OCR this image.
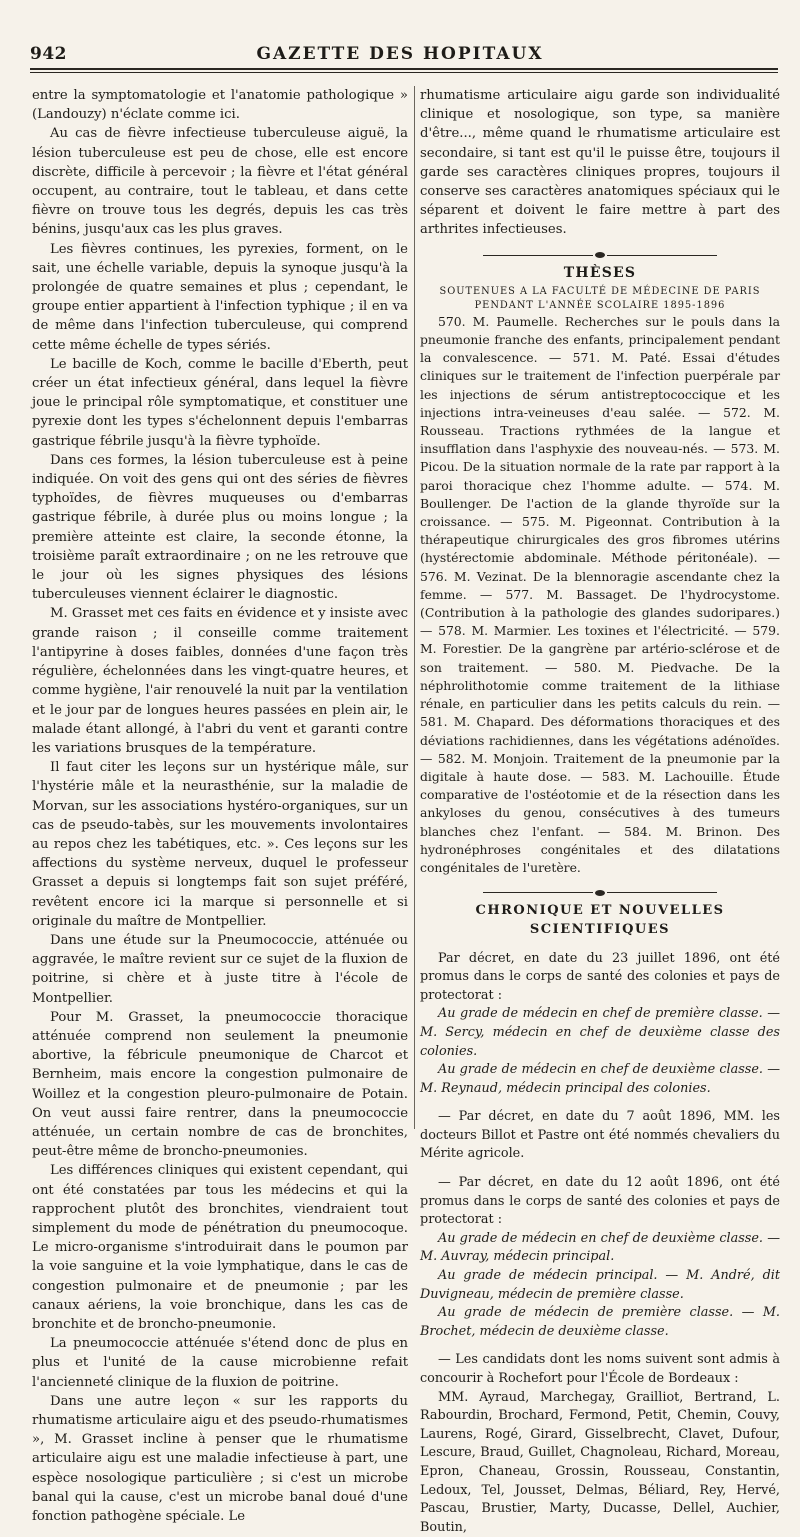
942	GAZETTE DES HOPITAUX

entre la symptomatologie et l'anatomie pathologique » (Landouzy) n'éclate comme ici.

Au cas de fièvre infectieuse tuberculeuse aiguë, la lésion tuberculeuse est peu de chose, elle est encore discrète, difficile à percevoir ; la fièvre et l'état général occupent, au contraire, tout le tableau, et dans cette fièvre on trouve tous les degrés, depuis les cas très bénins, jusqu'aux cas les plus graves.

Les fièvres continues, les pyrexies, forment, on le sait, une échelle variable, depuis la synoque jusqu'à la prolongée de quatre semaines et plus ; cependant, le groupe entier appartient à l'infection typhique ; il en va de même dans l'infection tuberculeuse, qui comprend cette même échelle de types sériés.

Le bacille de Koch, comme le bacille d'Eberth, peut créer un état infectieux général, dans lequel la fièvre joue le principal rôle symptomatique, et constituer une pyrexie dont les types s'échelonnent depuis l'embarras gastrique fébrile jusqu'à la fièvre typhoïde.

Dans ces formes, la lésion tuberculeuse est à peine indiquée. On voit des gens qui ont des séries de fièvres typhoïdes, de fièvres muqueuses ou d'embarras gastrique fébrile, à durée plus ou moins longue ; la première atteinte est claire, la seconde étonne, la troisième paraît extraordinaire ; on ne les retrouve que le jour où les signes physiques des lésions tuberculeuses viennent éclairer le diagnostic.

M. Grasset met ces faits en évidence et y insiste avec grande raison ; il conseille comme traitement l'antipyrine à doses faibles, données d'une façon très régulière, échelonnées dans les vingt-quatre heures, et comme hygiène, l'air renouvelé la nuit par la ventilation et le jour par de longues heures passées en plein air, le malade étant allongé, à l'abri du vent et garanti contre les variations brusques de la température.

Il faut citer les leçons sur un hystérique mâle, sur l'hystérie mâle et la neurasthénie, sur la maladie de Morvan, sur les associations hystéro-organiques, sur un cas de pseudo-tabès, sur les mouvements involontaires au repos chez les tabétiques, etc. ». Ces leçons sur les affections du système nerveux, duquel le professeur Grasset a depuis si longtemps fait son sujet préféré, revêtent encore ici la marque si personnelle et si originale du maître de Montpellier.

Dans une étude sur la Pneumococcie, atténuée ou aggravée, le maître revient sur ce sujet de la fluxion de poitrine, si chère et à juste titre à l'école de Montpellier.

Pour M. Grasset, la pneumococcie thoracique atténuée comprend non seulement la pneumonie abortive, la fébricule pneumonique de Charcot et Bernheim, mais encore la congestion pulmonaire de Woillez et la congestion pleuro-pulmonaire de Potain. On veut aussi faire rentrer, dans la pneumococcie atténuée, un certain nombre de cas de bronchites, peut-être même de broncho-pneumonies.

Les différences cliniques qui existent cependant, qui ont été constatées par tous les médecins et qui la rapprochent plutôt des bronchites, viendraient tout simplement du mode de pénétration du pneumocoque. Le micro-organisme s'introduirait dans le poumon par la voie sanguine et la voie lymphatique, dans le cas de congestion pulmonaire et de pneumonie ; par les canaux aériens, la voie bronchique, dans les cas de bronchite et de broncho-pneumonie.

La pneumococcie atténuée s'étend donc de plus en plus et l'unité de la cause microbienne refait l'ancienneté clinique de la fluxion de poitrine.

Dans une autre leçon « sur les rapports du rhumatisme articulaire aigu et des pseudo-rhumatismes », M. Grasset incline à penser que le rhumatisme articulaire aigu est une maladie infectieuse à part, une espèce nosologique particulière ; si c'est un microbe banal qui la cause, c'est un microbe banal doué d'une fonction pathogène spéciale. Le

rhumatisme articulaire aigu garde son individualité clinique et nosologique, son type, sa manière d'être..., même quand le rhumatisme articulaire est secondaire, si tant est qu'il le puisse être, toujours il garde ses caractères cliniques propres, toujours il conserve ses caractères anatomiques spéciaux qui le séparent et doivent le faire mettre à part des arthrites infectieuses.

THÈSES
SOUTENUES A LA FACULTÉ DE MÉDECINE DE PARIS
PENDANT L'ANNÉE SCOLAIRE 1895-1896

570. M. Paumelle. Recherches sur le pouls dans la pneumonie franche des enfants, principalement pendant la convalescence. — 571. M. Paté. Essai d'études cliniques sur le traitement de l'infection puerpérale par les injections de sérum antistreptococcique et les injections intra-veineuses d'eau salée. — 572. M. Rousseau. Tractions rythmées de la langue et insufflation dans l'asphyxie des nouveau-nés. — 573. M. Picou. De la situation normale de la rate par rapport à la paroi thoracique chez l'homme adulte. — 574. M. Boullenger. De l'action de la glande thyroïde sur la croissance. — 575. M. Pigeonnat. Contribution à la thérapeutique chirurgicales des gros fibromes utérins (hystérectomie abdominale. Méthode péritonéale). — 576. M. Vezinat. De la blennoragie ascendante chez la femme. — 577. M. Bassaget. De l'hydrocystome. (Contribution à la pathologie des glandes sudoripares.) — 578. M. Marmier. Les toxines et l'électricité. — 579. M. Forestier. De la gangrène par artério-sclérose et de son traitement. — 580. M. Piedvache. De la néphrolithotomie comme traitement de la lithiase rénale, en particulier dans les petits calculs du rein. — 581. M. Chapard. Des déformations thoraciques et des déviations rachidiennes, dans les végétations adénoïdes. — 582. M. Monjoin. Traitement de la pneumonie par la digitale à haute dose. — 583. M. Lachouille. Étude comparative de l'ostéotomie et de la résection dans les ankyloses du genou, consécutives à des tumeurs blanches chez l'enfant. — 584. M. Brinon. Des hydronéphroses congénitales et des dilatations congénitales de l'uretère.

CHRONIQUE ET NOUVELLES SCIENTIFIQUES

Par décret, en date du 23 juillet 1896, ont été promus dans le corps de santé des colonies et pays de protectorat :

Au grade de médecin en chef de première classe. — M. Sercy, médecin en chef de deuxième classe des colonies.

Au grade de médecin en chef de deuxième classe. — M. Reynaud, médecin principal des colonies.

— Par décret, en date du 7 août 1896, MM. les docteurs Billot et Pastre ont été nommés chevaliers du Mérite agricole.

— Par décret, en date du 12 août 1896, ont été promus dans le corps de santé des colonies et pays de protectorat :

Au grade de médecin en chef de deuxième classe. — M. Auvray, médecin principal.

Au grade de médecin principal. — M. André, dit Duvigneau, médecin de première classe.

Au grade de médecin de première classe. — M. Brochet, médecin de deuxième classe.

— Les candidats dont les noms suivent sont admis à concourir à Rochefort pour l'École de Bordeaux :

MM. Ayraud, Marchegay, Grailliot, Bertrand, L. Rabourdin, Brochard, Fermond, Petit, Chemin, Couvy, Laurens, Rogé, Girard, Gisselbrecht, Clavet, Dufour, Lescure, Braud, Guillet, Chagnoleau, Richard, Moreau, Epron, Chaneau, Grossin, Rousseau, Constantin, Ledoux, Tel, Jousset, Delmas, Béliard, Rey, Hervé, Pascau, Brustier, Marty, Ducasse, Dellel, Auchier, Boutin,
